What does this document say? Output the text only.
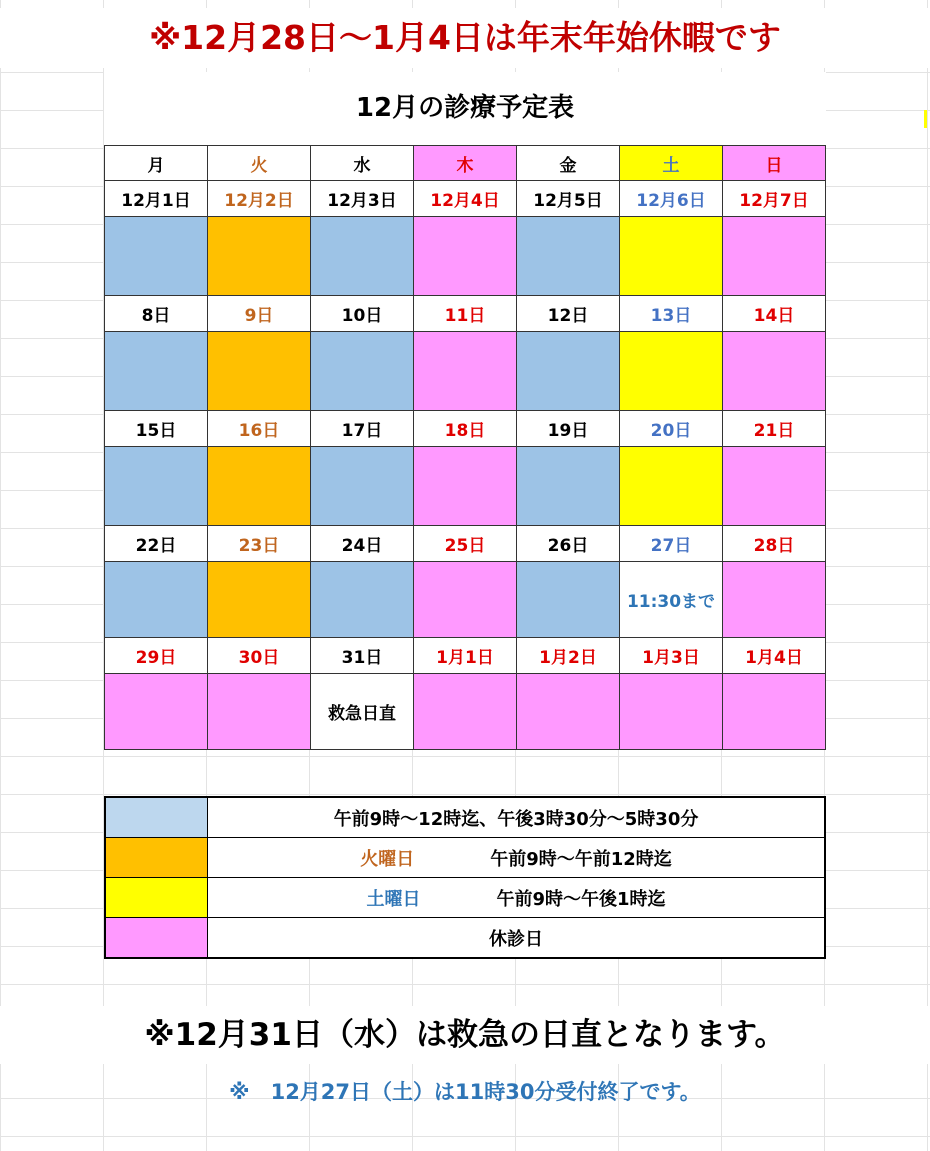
※12月28日～1月4日は年末年始休暇です
12月の診療予定表
月	火	水	木	金	土	日
12月1日	12月2日	12月3日	12月4日	12月5日	12月6日	12月7日

8日	9日	10日	11日	12日	13日	14日

15日	16日	17日	18日	19日	20日	21日

22日	23日	24日	25日	26日	27日	28日
					11:30まで	
29日	30日	31日	1月1日	1月2日	1月3日	1月4日
		救急日直				
	午前9時～12時迄、午後3時30分～5時30分
	火曜日 午前9時～午前12時迄
	土曜日 午前9時～午後1時迄
	休診日
※12月31日（水）は救急の日直となります。
※　12月27日（土）は11時30分受付終了です。
